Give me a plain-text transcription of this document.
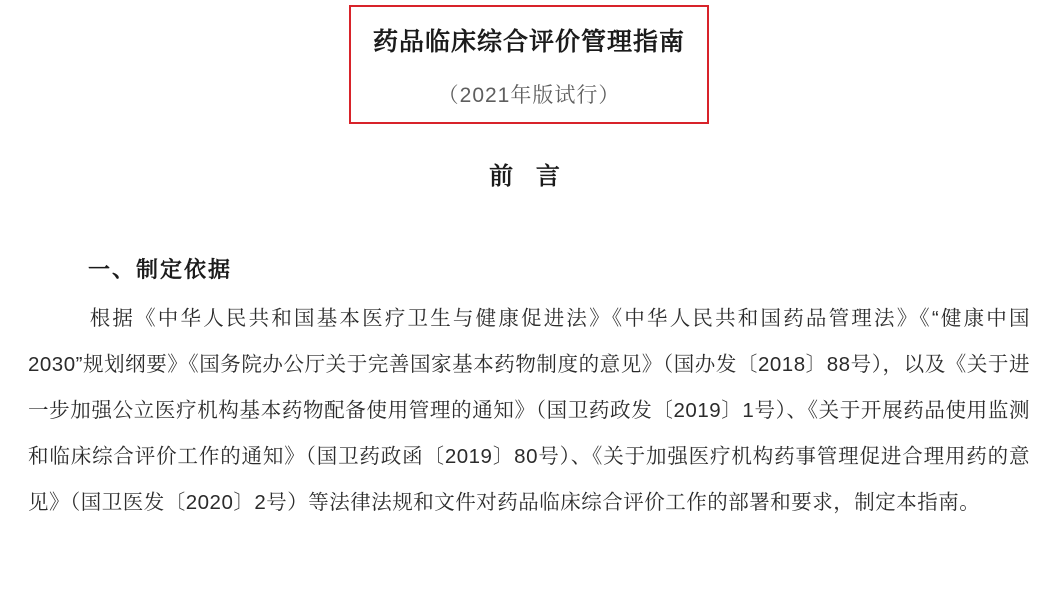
药品临床综合评价管理指南
（2021年版试行）
前 言
一、制定依据
根据《中华人民共和国基本医疗卫生与健康促进法》《中华人民共和国药品管理法》《“健康中国2030”规划纲要》《国务院办公厅关于完善国家基本药物制度的意见》（国办发〔2018〕88号），以及《关于进一步加强公立医疗机构基本药物配备使用管理的通知》（国卫药政发〔2019〕1号）、《关于开展药品使用监测和临床综合评价工作的通知》（国卫药政函〔2019〕80号）、《关于加强医疗机构药事管理促进合理用药的意见》（国卫医发〔2020〕2号）等法律法规和文件对药品临床综合评价工作的部署和要求，制定本指南。
